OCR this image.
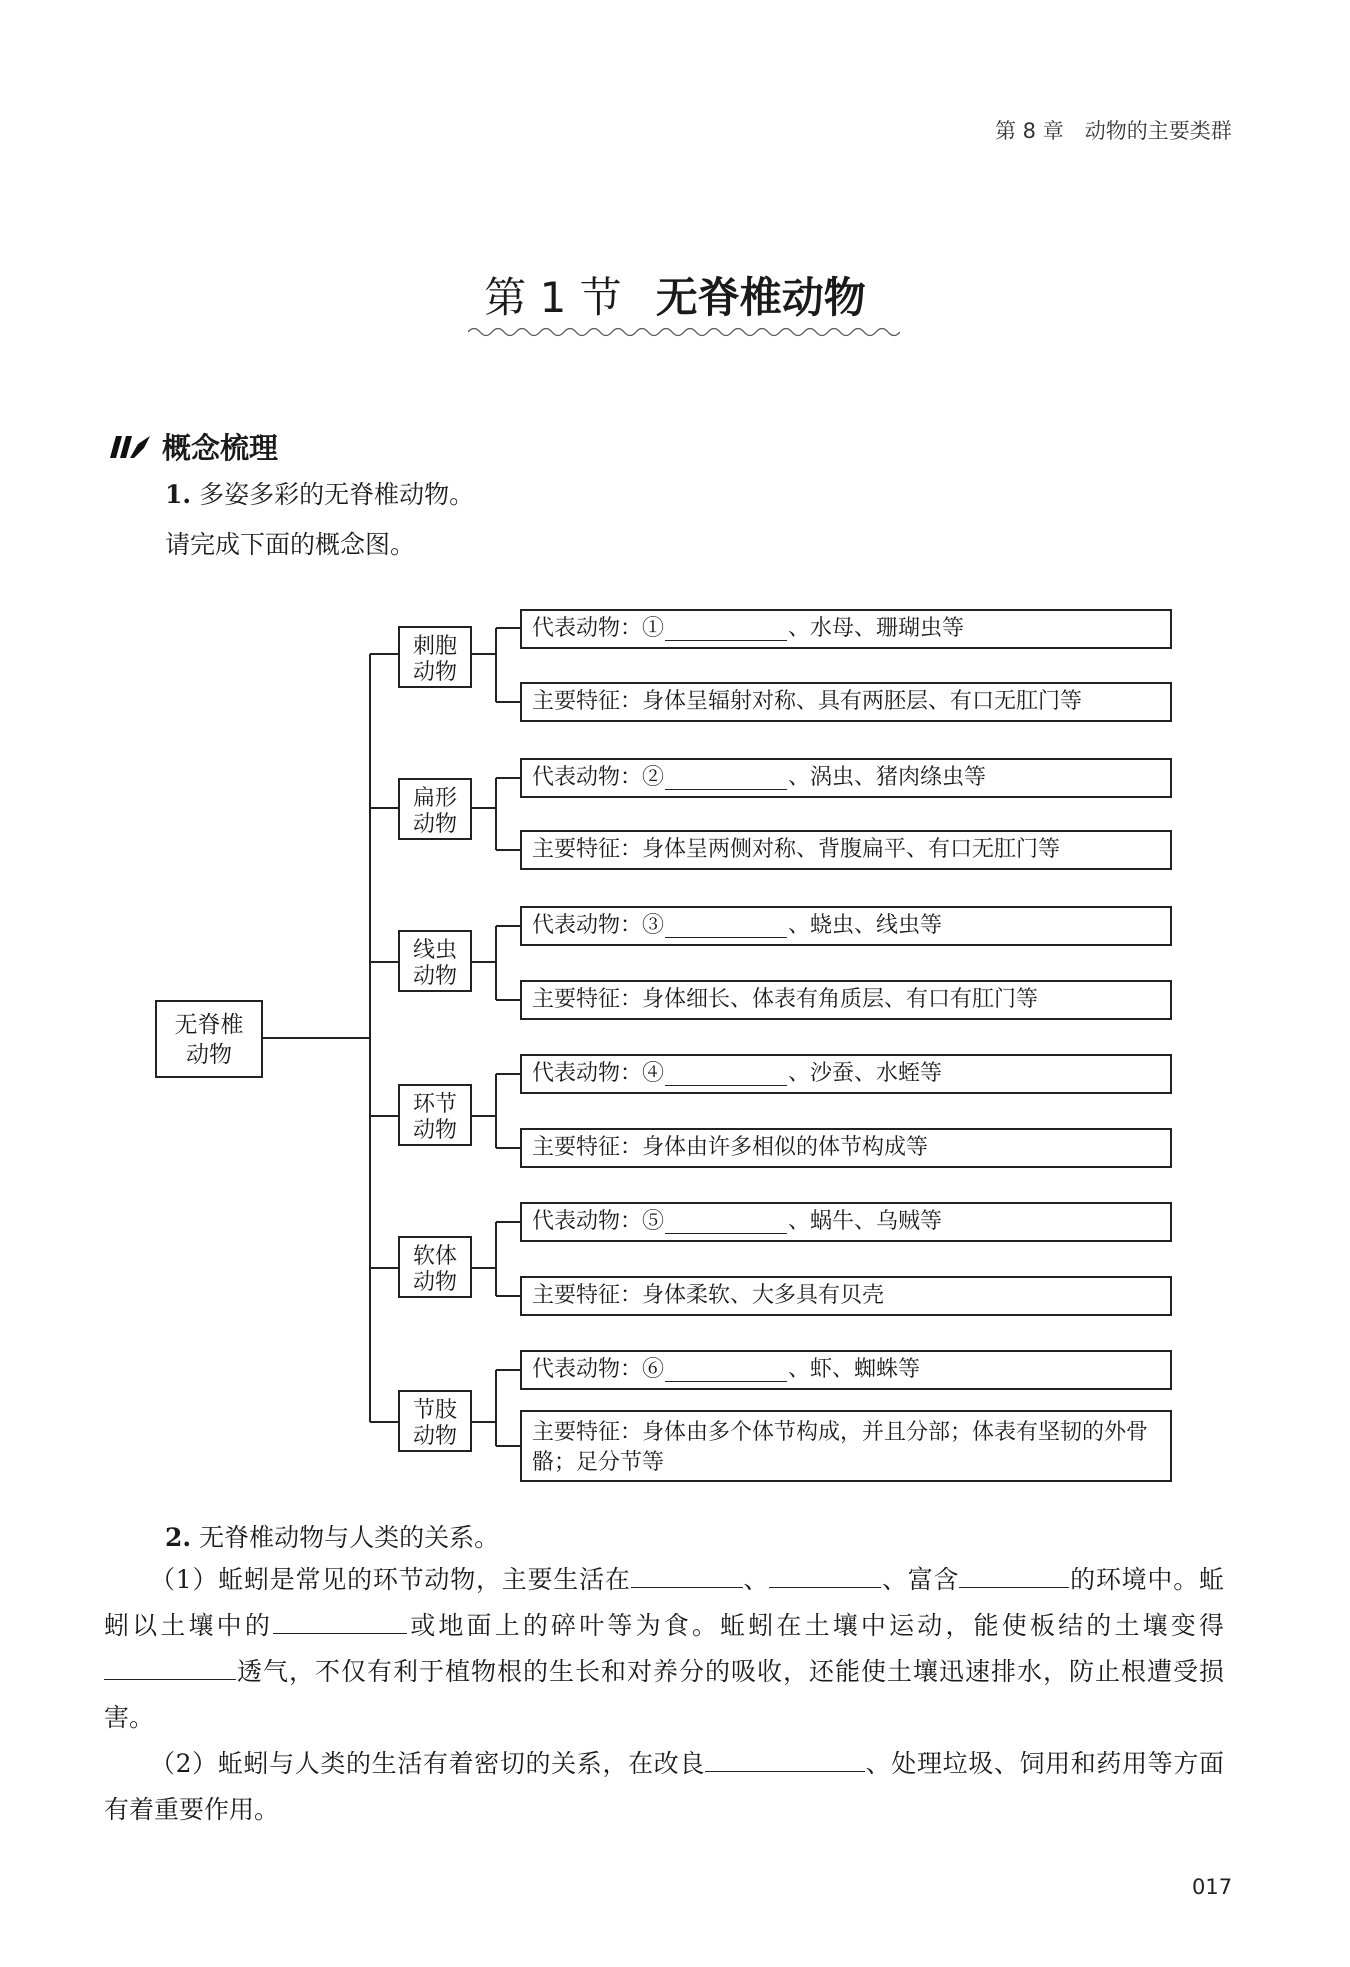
第 8 章　动物的主要类群
第 1 节 无脊椎动物
概念梳理
1. 多姿多彩的无脊椎动物。
请完成下面的概念图。
无脊椎动物
刺胞动物
代表动物：①	、水母、珊瑚虫等
主要特征：身体呈辐射对称、具有两胚层、有口无肛门等
扁形动物
代表动物：②	、涡虫、猪肉绦虫等
主要特征：身体呈两侧对称、背腹扁平、有口无肛门等
线虫动物
代表动物：③	、蛲虫、线虫等
主要特征：身体细长、体表有角质层、有口有肛门等
环节动物
代表动物：④	、沙蚕、水蛭等
主要特征：身体由许多相似的体节构成等
软体动物
代表动物：⑤	、蜗牛、乌贼等
主要特征：身体柔软、大多具有贝壳
节肢动物
代表动物：⑥	、虾、蜘蛛等
主要特征：身体由多个体节构成，并且分部；体表有坚韧的外骨骼；足分节等
2. 无脊椎动物与人类的关系。
（1）蚯蚓是常见的环节动物，主要生活在	、	、富含	的环境中。蚯蚓以土壤中的	或地面上的碎叶等为食。蚯蚓在土壤中运动，能使板结的土壤变得透气，不仅有利于植物根的生长和对养分的吸收，还能使土壤迅速排水，防止根遭受损害。
（2）蚯蚓与人类的生活有着密切的关系，在改良	、处理垃圾、饲用和药用等方面有着重要作用。
017
